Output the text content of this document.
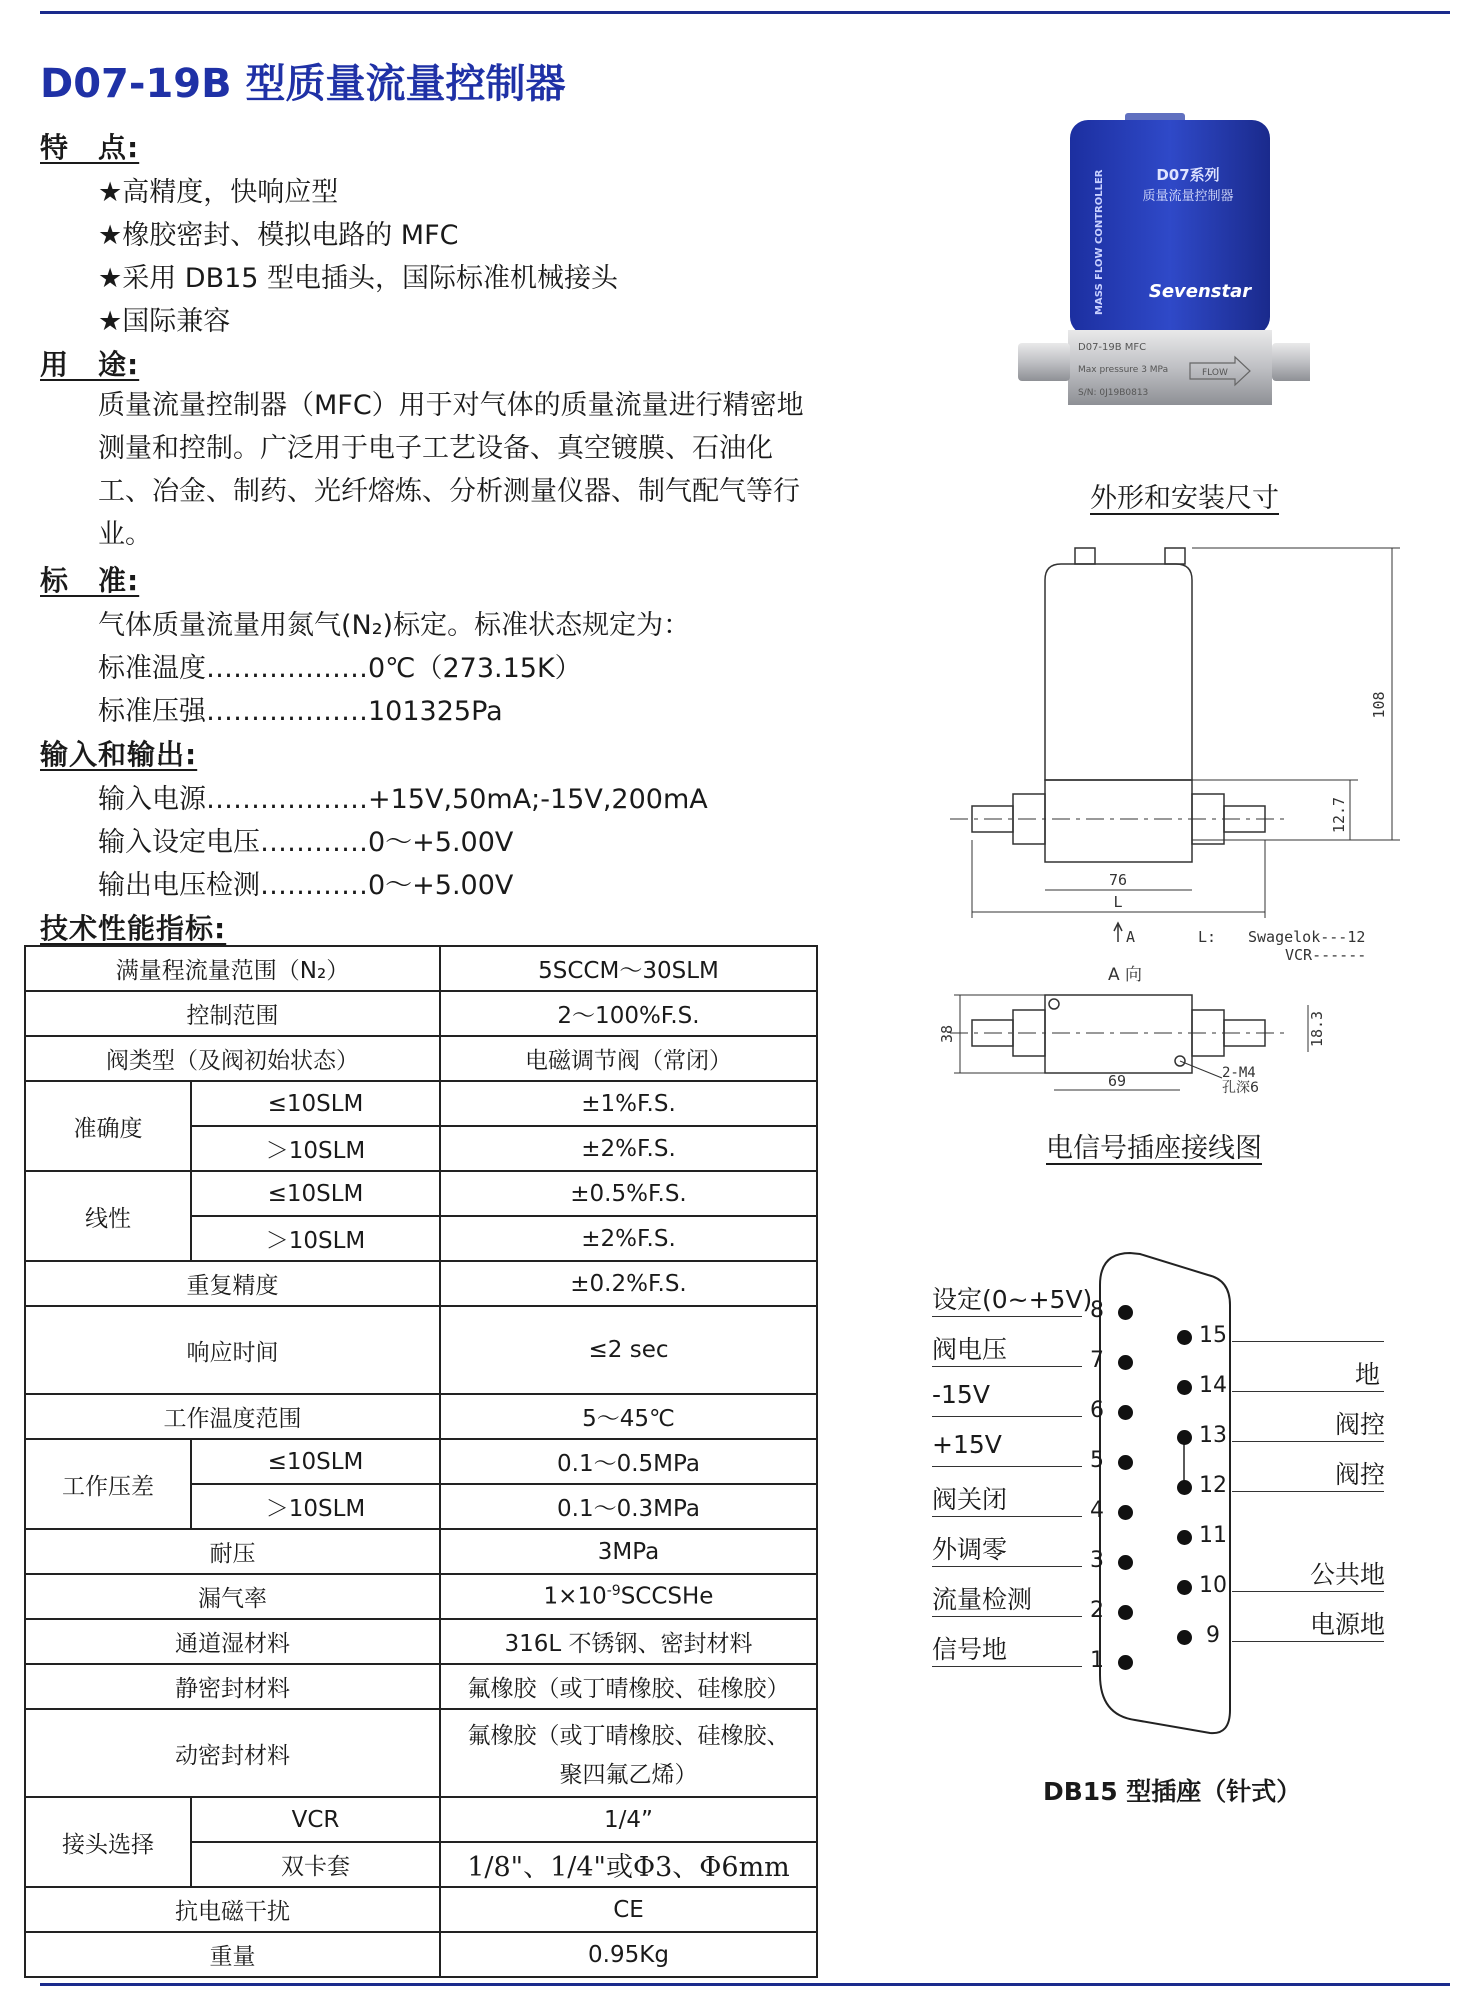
D07-19B 型质量流量控制器
特　点:
★高精度，快响应型
★橡胶密封、模拟电路的 MFC
★采用 DB15 型电插头，国际标准机械接头
★国际兼容
用　途:
质量流量控制器（MFC）用于对气体的质量流量进行精密地测量和控制。广泛用于电子工艺设备、真空镀膜、石油化工、冶金、制药、光纤熔炼、分析测量仪器、制气配气等行业。
标　准:
气体质量流量用氮气(N₂)标定。标准状态规定为：
标准温度………………0℃（273.15K）
标准压强………………101325Pa
输入和输出:
输入电源………………+15V,50mA;-15V,200mA
输入设定电压…………0～+5.00V
输出电压检测…………0～+5.00V
技术性能指标:
满量程流量范围（N₂）		5SCCM～30SLM
控制范围		2～100%F.S.
阀类型（及阀初始状态）		电磁调节阀（常闭）
准确度	≤10SLM	±1%F.S.
	＞10SLM	±2%F.S.
线性	≤10SLM	±0.5%F.S.
	＞10SLM	±2%F.S.
重复精度		±0.2%F.S.
响应时间		≤2 sec
工作温度范围		5～45℃
工作压差	≤10SLM	0.1～0.5MPa
	＞10SLM	0.1～0.3MPa
耐压		3MPa
漏气率		$1\times 10^{-9}SCCSHe$
通道湿材料		316L 不锈钢、密封材料
静密封材料		氟橡胶（或丁晴橡胶、硅橡胶）
动密封材料		氟橡胶（或丁晴橡胶、硅橡胶、
聚四氟乙烯）

接头选择	VCR	1/4”
	双卡套	1/8"、1/4"或Φ3、Φ6mm
抗电磁干扰		CE
重量		0.95Kg
MASS FLOW CONTROLLER	D07系列
质量流量控制器
Sevenstar
D07-19B MFC
Max pressure 3 MPa
S/N: 0J19B0813
FLOW
外形和安装尺寸
108
12.7
76
L
A	L: Swagelok---12
VCR------
A 向
38	18.3
69	2-M4
孔深6
电信号插座接线图
8
7
6
5
4
3
2
1
15
14
13
12
11
10
9
设定(0~+5V)
阀电压
-15V
+15V
阀关闭
外调零
流量检测
信号地
地
阀控
阀控
公共地
电源地
DB15 型插座（针式）
